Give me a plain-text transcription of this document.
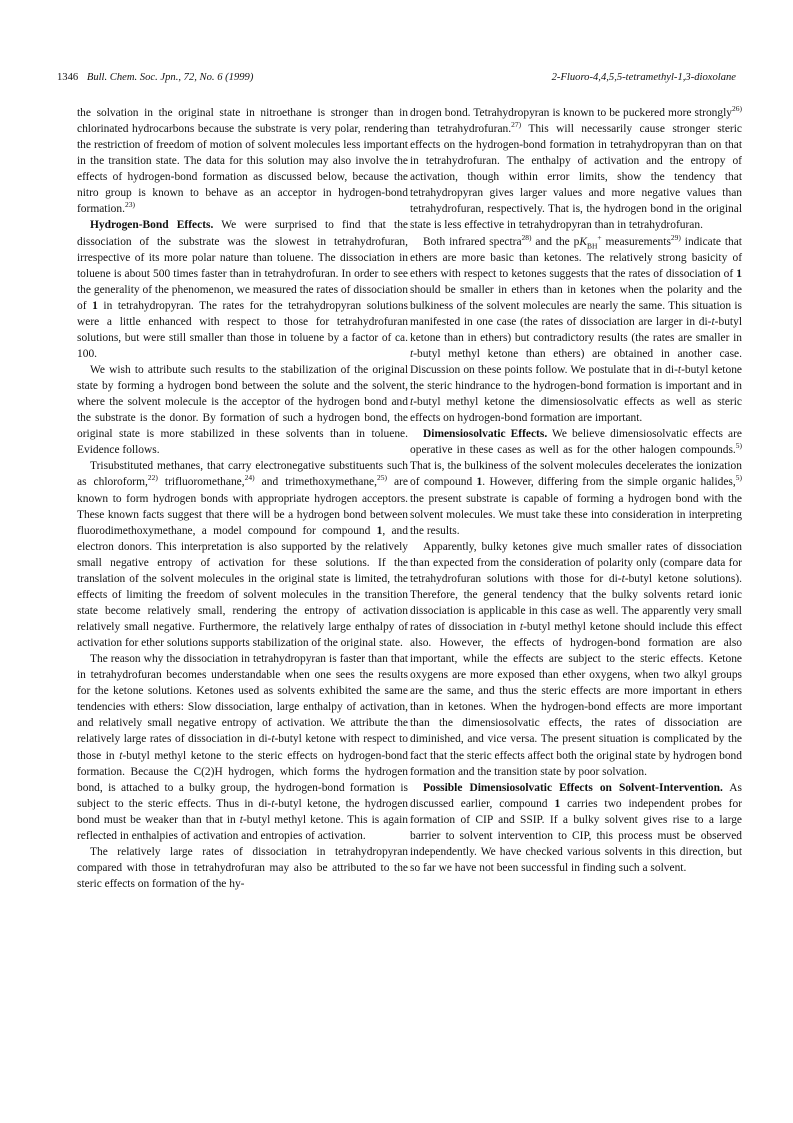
1346 Bull. Chem. Soc. Jpn., 72, No. 6 (1999)	2-Fluoro-4,4,5,5-tetramethyl-1,3-dioxolane

the solvation in the original state in nitroethane is stronger than in chlorinated hydrocarbons because the substrate is very polar, rendering the restriction of freedom of motion of solvent molecules less important in the transition state. The data for this solution may also involve the effects of hydrogen-bond formation as discussed below, because the nitro group is known to behave as an acceptor in hydrogen-bond formation.$^{23)}$

Hydrogen-Bond Effects. We were surprised to find that the dissociation of the substrate was the slowest in tetrahydrofuran, irrespective of its more polar nature than toluene. The dissociation in toluene is about 500 times faster than in tetrahydrofuran. In order to see the generality of the phenomenon, we measured the rates of dissociation of 1 in tetrahydropyran. The rates for the tetrahydropyran solutions were a little enhanced with respect to those for tetrahydrofuran solutions, but were still smaller than those in toluene by a factor of ca. 100.

We wish to attribute such results to the stabilization of the original state by forming a hydrogen bond between the solute and the solvent, where the solvent molecule is the acceptor of the hydrogen bond and the substrate is the donor. By formation of such a hydrogen bond, the original state is more stabilized in these solvents than in toluene. Evidence follows.

Trisubstituted methanes, that carry electronegative substituents such as chloroform,$^{22)}$ trifluoromethane,$^{24)}$ and trimethoxymethane,$^{25)}$ are known to form hydrogen bonds with appropriate hydrogen acceptors. These known facts suggest that there will be a hydrogen bond between fluorodimethoxymethane, a model compound for compound 1, and electron donors. This interpretation is also supported by the relatively small negative entropy of activation for these solutions. If the translation of the solvent molecules in the original state is limited, the effects of limiting the freedom of solvent molecules in the transition state become relatively small, rendering the entropy of activation relatively small negative. Furthermore, the relatively large enthalpy of activation for ether solutions supports stabilization of the original state.

The reason why the dissociation in tetrahydropyran is faster than that in tetrahydrofuran becomes understandable when one sees the results for the ketone solutions. Ketones used as solvents exhibited the same tendencies with ethers: Slow dissociation, large enthalpy of activation, and relatively small negative entropy of activation. We attribute the relatively large rates of dissociation in di-t-butyl ketone with respect to those in t-butyl methyl ketone to the steric effects on hydrogen-bond formation. Because the C(2)H hydrogen, which forms the hydrogen bond, is attached to a bulky group, the hydrogen-bond formation is subject to the steric effects. Thus in di-t-butyl ketone, the hydrogen bond must be weaker than that in t-butyl methyl ketone. This is again reflected in enthalpies of activation and entropies of activation.

The relatively large rates of dissociation in tetrahydropyran compared with those in tetrahydrofuran may also be attributed to the steric effects on formation of the hy-

drogen bond. Tetrahydropyran is known to be puckered more strongly$^{26)}$ than tetrahydrofuran.$^{27)}$ This will necessarily cause stronger steric effects on the hydrogen-bond formation in tetrahydropyran than on that in tetrahydrofuran. The enthalpy of activation and the entropy of activation, though within error limits, show the tendency that tetrahydropyran gives larger values and more negative values than tetrahydrofuran, respectively. That is, the hydrogen bond in the original state is less effective in tetrahydropyran than in tetrahydrofuran.

Both infrared spectra$^{28)}$ and the $pK_{BH}^+$ measurements$^{29)}$ indicate that ethers are more basic than ketones. The relatively strong basicity of ethers with respect to ketones suggests that the rates of dissociation of 1 should be smaller in ethers than in ketones when the polarity and the bulkiness of the solvent molecules are nearly the same. This situation is manifested in one case (the rates of dissociation are larger in di-t-butyl ketone than in ethers) but contradictory results (the rates are smaller in t-butyl methyl ketone than ethers) are obtained in another case. Discussion on these points follow. We postulate that in di-t-butyl ketone the steric hindrance to the hydrogen-bond formation is important and in t-butyl methyl ketone the dimensiosolvatic effects as well as steric effects on hydrogen-bond formation are important.

Dimensiosolvatic Effects. We believe dimensiosolvatic effects are operative in these cases as well as for the other halogen compounds.$^{5)}$ That is, the bulkiness of the solvent molecules decelerates the ionization of compound 1. However, differing from the simple organic halides,$^{5)}$ the present substrate is capable of forming a hydrogen bond with the solvent molecules. We must take these into consideration in interpreting the results.

Apparently, bulky ketones give much smaller rates of dissociation than expected from the consideration of polarity only (compare data for tetrahydrofuran solutions with those for di-t-butyl ketone solutions). Therefore, the general tendency that the bulky solvents retard ionic dissociation is applicable in this case as well. The apparently very small rates of dissociation in t-butyl methyl ketone should include this effect also. However, the effects of hydrogen-bond formation are also important, while the effects are subject to the steric effects. Ketone oxygens are more exposed than ether oxygens, when two alkyl groups are the same, and thus the steric effects are more important in ethers than in ketones. When the hydrogen-bond effects are more important than the dimensiosolvatic effects, the rates of dissociation are diminished, and vice versa. The present situation is complicated by the fact that the steric effects affect both the original state by hydrogen bond formation and the transition state by poor solvation.

Possible Dimensiosolvatic Effects on Solvent-Intervention. As discussed earlier, compound 1 carries two independent probes for formation of CIP and SSIP. If a bulky solvent gives rise to a large barrier to solvent intervention to CIP, this process must be observed independently. We have checked various solvents in this direction, but so far we have not been successful in finding such a solvent.
